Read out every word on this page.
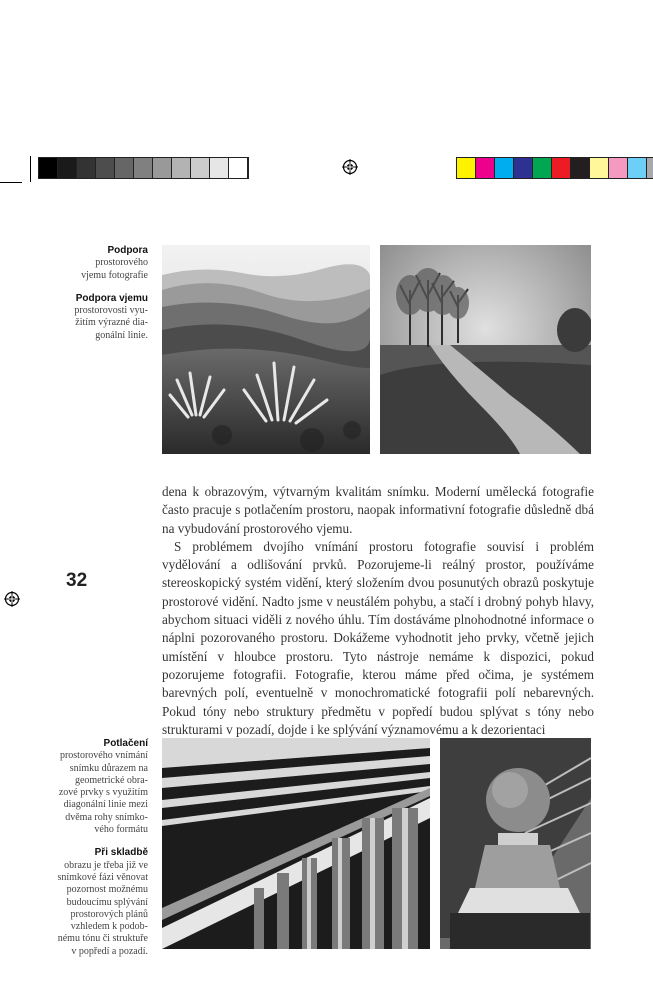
Podpora
prostorového
vjemu fotografie

Podpora vjemu
prostorovosti vyu-
žitím výrazné dia-
gonální linie.

dena k obrazovým, výtvarným kvalitám snímku. Moderní umělecká fotografie často pracuje s potlačením prostoru, naopak informativní fotografie důsledně dbá na vybudování prostorového vjemu.

S problémem dvojího vnímání prostoru fotografie souvisí i problém vydělování a odlišování prvků. Pozorujeme-li reálný prostor, používáme stereoskopický systém vidění, který složením dvou posunutých obrazů poskytuje prostorové vidění. Nadto jsme v neustálém pohybu, a stačí i drobný pohyb hlavy, abychom situaci viděli z nového úhlu. Tím dostáváme plnohodnotné informace o náplni pozorovaného prostoru. Dokážeme vyhodnotit jeho prvky, včetně jejich umístění v hloubce prostoru. Tyto nástroje nemáme k dispozici, pokud pozorujeme fotografii. Fotografie, kterou máme před očima, je systémem barevných polí, eventuelně v monochromatické fotografii polí nebarevných. Pokud tóny nebo struktury předmětu v popředí budou splývat s tóny nebo strukturami v pozadí, dojde i ke splývání významovému a k dezorientaci

32

Potlačení
prostorového vnímání
snímku důrazem na
geometrické obra-
zové prvky s využitím
diagonální linie mezi
dvěma rohy snímko-
vého formátu

Při skladbě
obrazu je třeba již ve
snímkové fázi věnovat
pozornost možnému
budoucímu splývání
prostorových plánů
vzhledem k podob-
nému tónu či struktuře
v popředí a pozadí.
